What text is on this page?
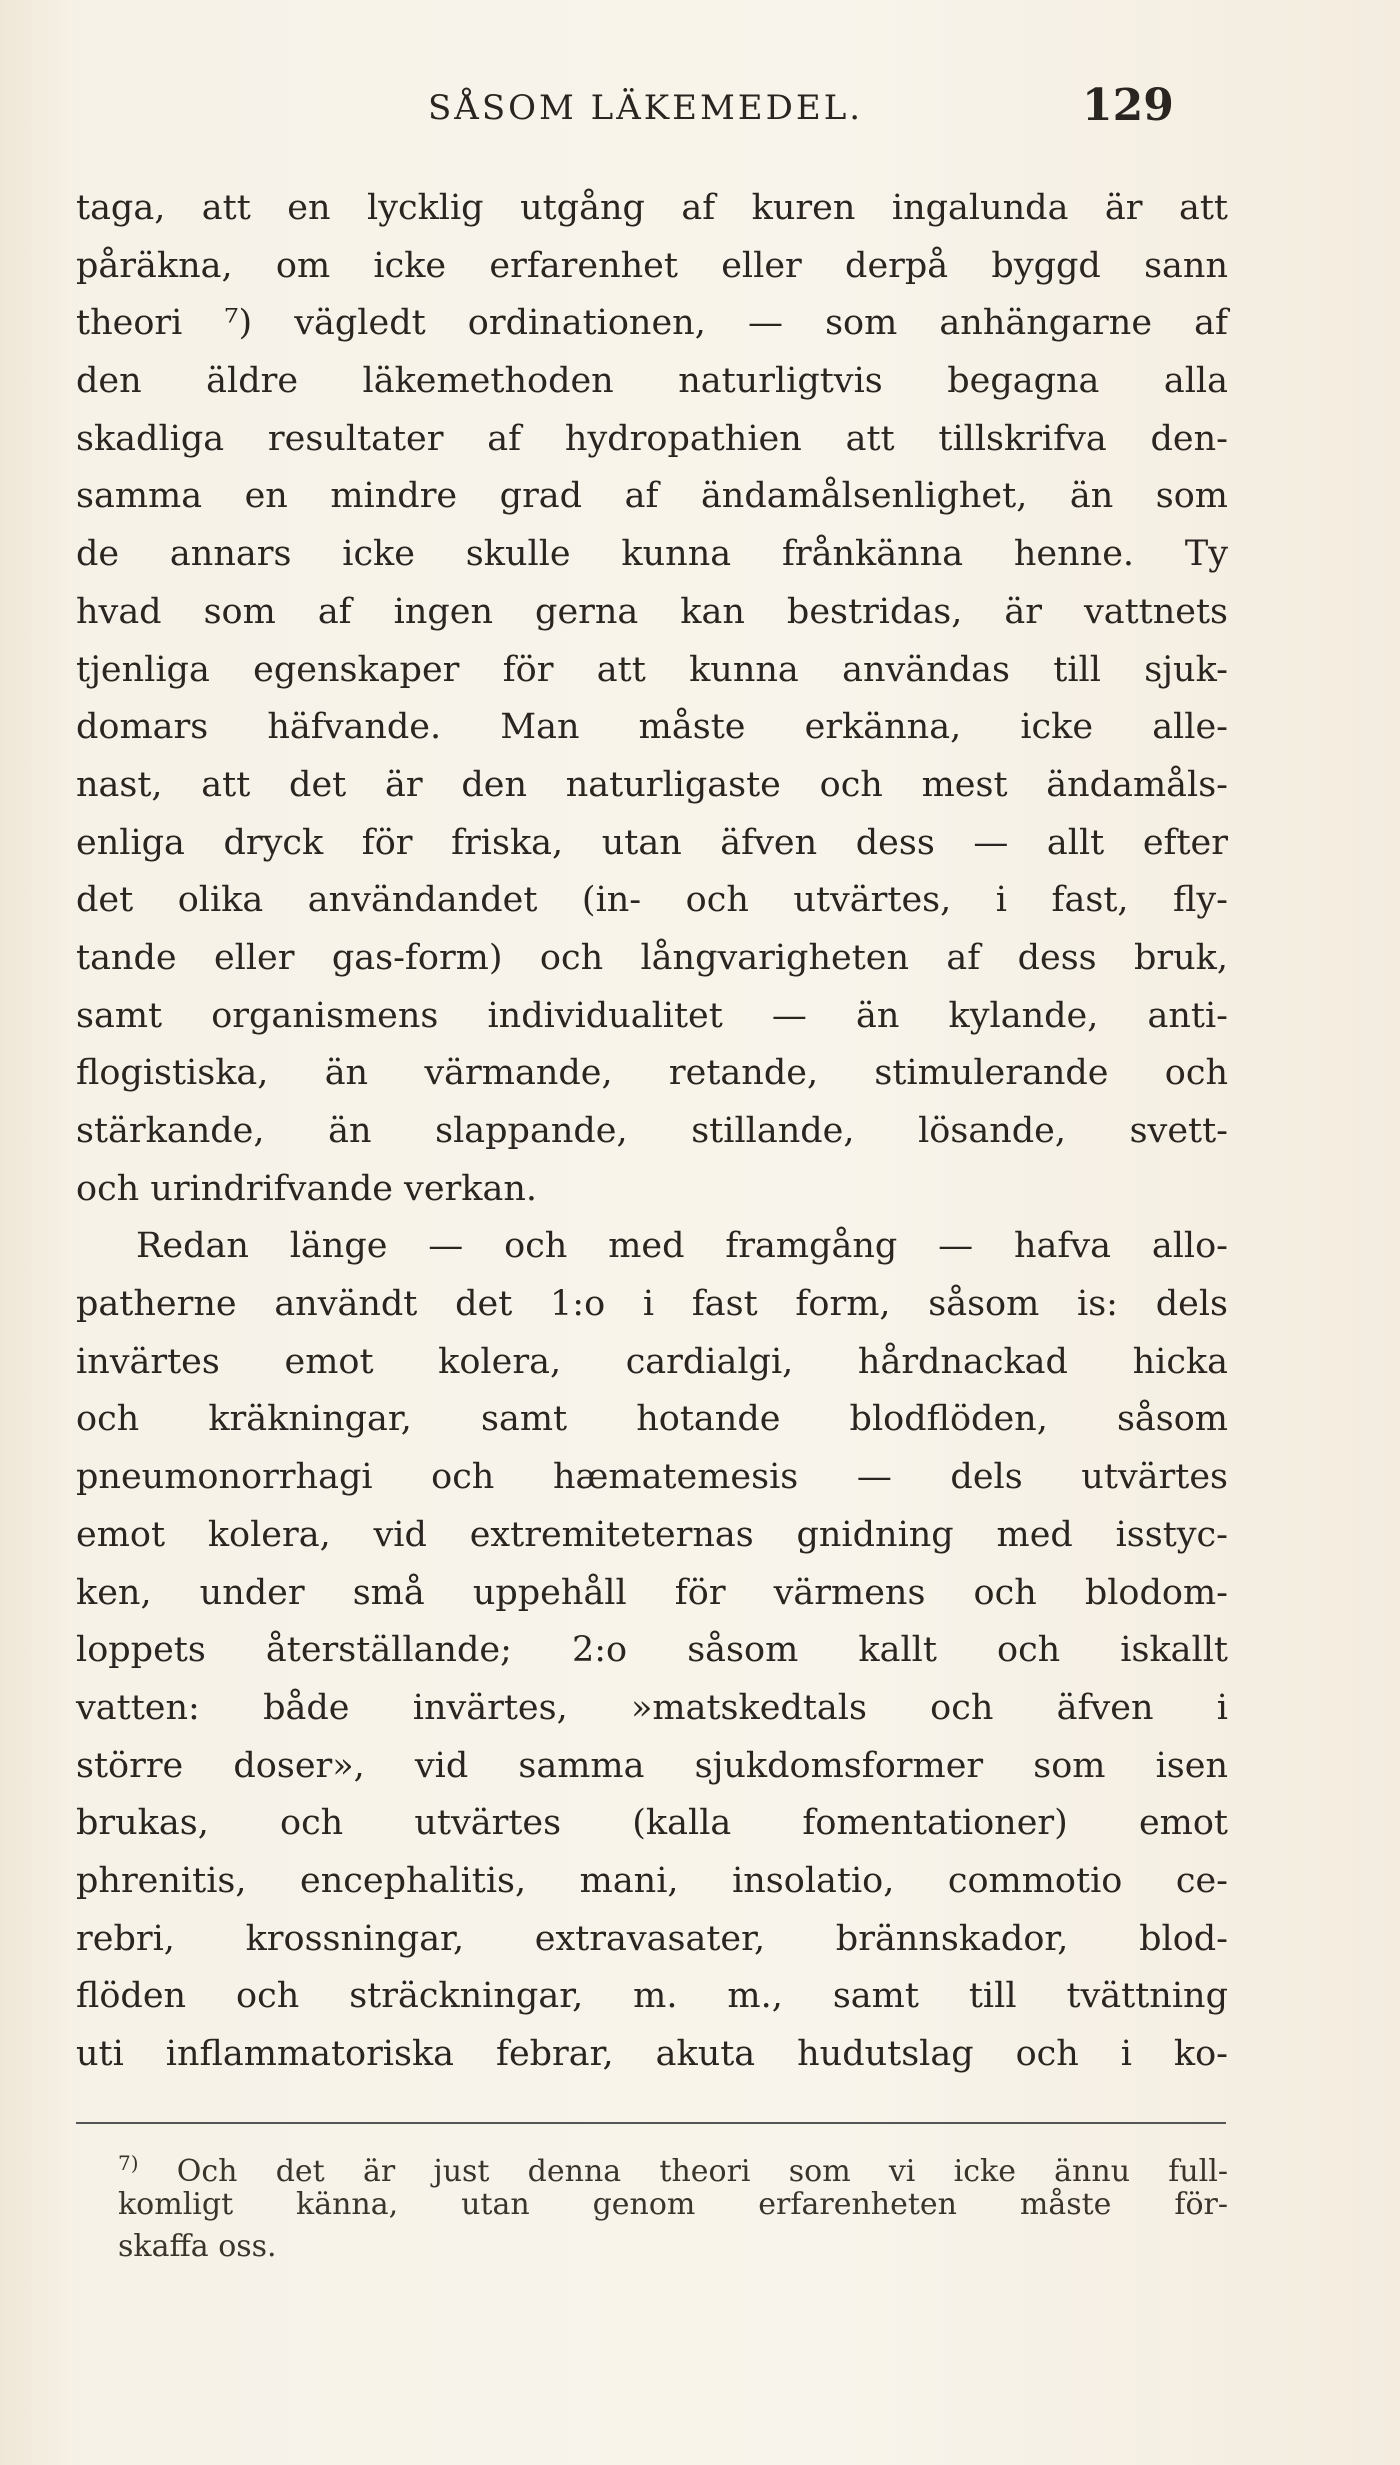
SÅSOM LÄKEMEDEL.	129
taga, att en lycklig utgång af kuren ingalunda är att
påräkna, om icke erfarenhet eller derpå byggd sann
theori ⁷) vägledt ordinationen, — som anhängarne af
den äldre läkemethoden naturligtvis begagna alla
skadliga resultater af hydropathien att tillskrifva den-
samma en mindre grad af ändamålsenlighet, än som
de annars icke skulle kunna frånkänna henne. Ty
hvad som af ingen gerna kan bestridas, är vattnets
tjenliga egenskaper för att kunna användas till sjuk-
domars häfvande. Man måste erkänna, icke alle-
nast, att det är den naturligaste och mest ändamåls-
enliga dryck för friska, utan äfven dess — allt efter
det olika användandet (in- och utvärtes, i fast, fly-
tande eller gas-form) och långvarigheten af dess bruk,
samt organismens individualitet — än kylande, anti-
flogistiska, än värmande, retande, stimulerande och
stärkande, än slappande, stillande, lösande, svett-
och urindrifvande verkan.
Redan länge — och med framgång — hafva allo-
patherne användt det 1:o i fast form, såsom is: dels
invärtes emot kolera, cardialgi, hårdnackad hicka
och kräkningar, samt hotande blodflöden, såsom
pneumonorrhagi och hæmatemesis — dels utvärtes
emot kolera, vid extremiteternas gnidning med isstyc-
ken, under små uppehåll för värmens och blodom-
loppets återställande; 2:o såsom kallt och iskallt
vatten: både invärtes, »matskedtals och äfven i
större doser», vid samma sjukdomsformer som isen
brukas, och utvärtes (kalla fomentationer) emot
phrenitis, encephalitis, mani, insolatio, commotio ce-
rebri, krossningar, extravasater, brännskador, blod-
flöden och sträckningar, m. m., samt till tvättning
uti inflammatoriska febrar, akuta hudutslag och i ko-
$^{7)}$ Och det är just denna theori som vi icke ännu full-
komligt känna, utan genom erfarenheten måste för-
skaffa oss.
